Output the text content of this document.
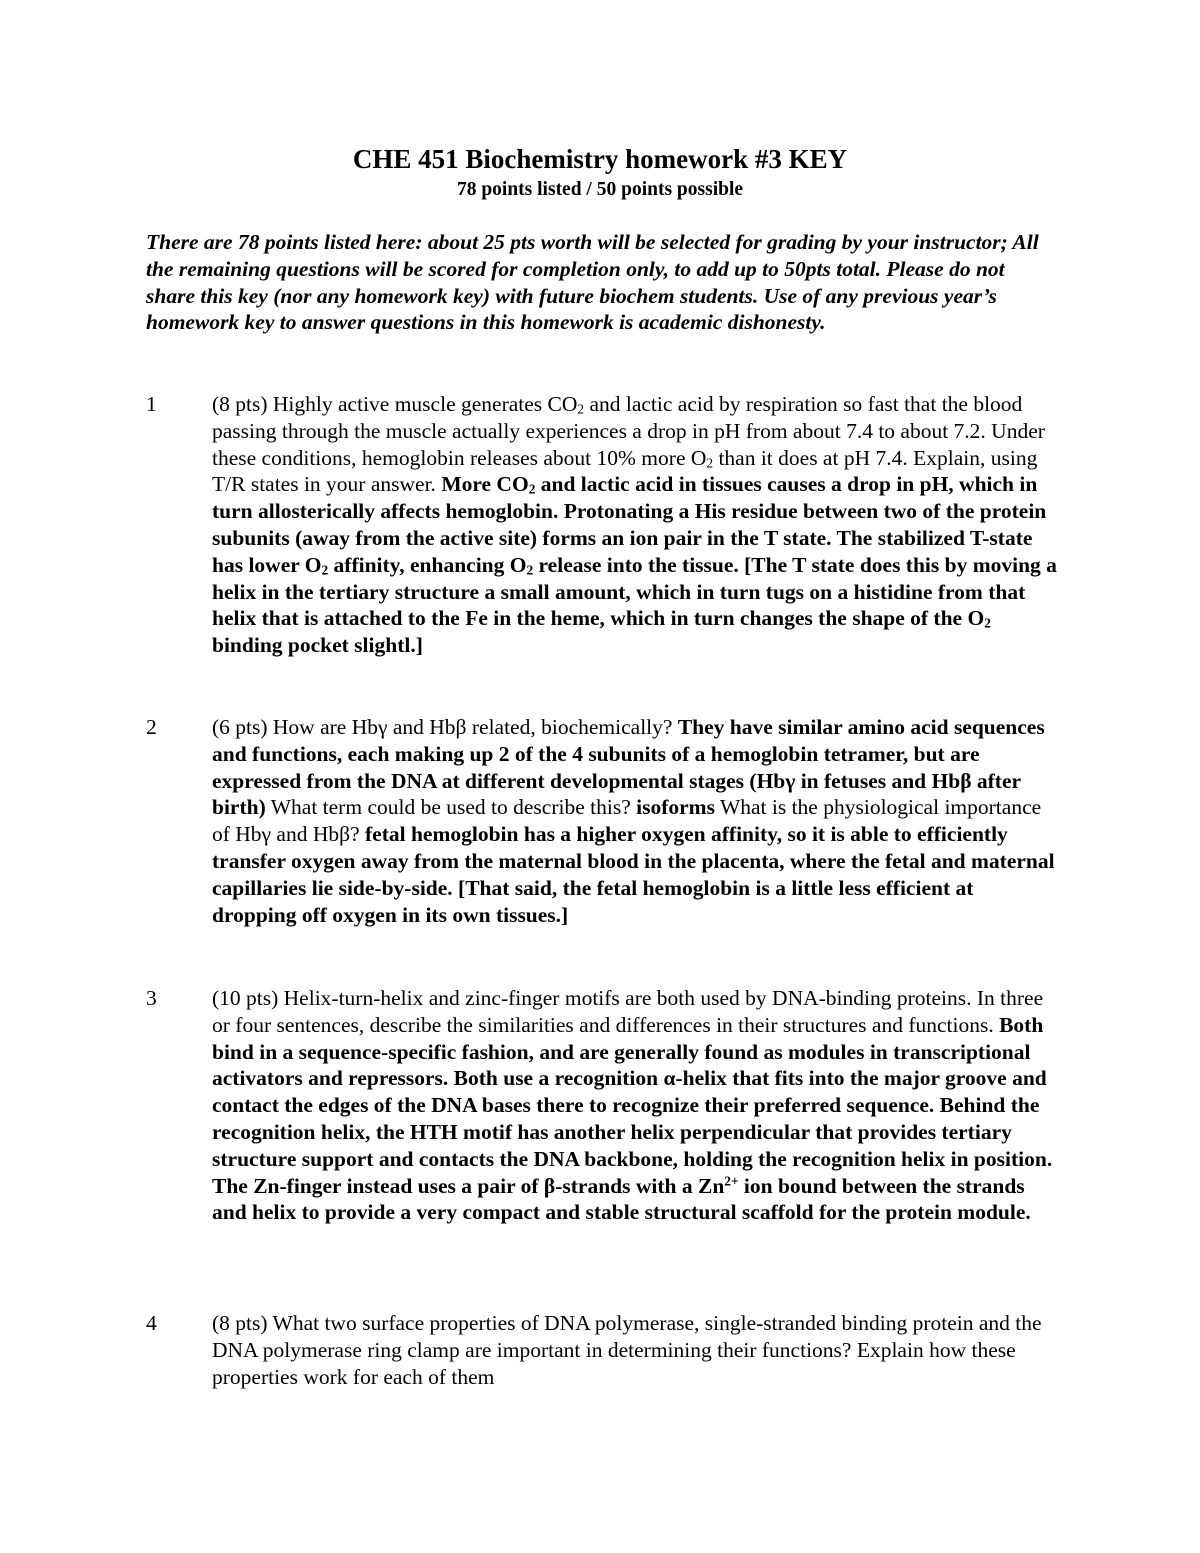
CHE 451 Biochemistry homework #3 KEY
78 points listed / 50 points possible
There are 78 points listed here: about 25 pts worth will be selected for grading by your instructor; All the remaining questions will be scored for completion only, to add up to 50pts total. Please do not share this key (nor any homework key) with future biochem students. Use of any previous year’s homework key to answer questions in this homework is academic dishonesty.
1	(8 pts) Highly active muscle generates $CO_2$ and lactic acid by respiration so fast that the blood passing through the muscle actually experiences a drop in pH from about 7.4 to about 7.2. Under these conditions, hemoglobin releases about 10% more $O_2$ than it does at pH 7.4. Explain, using T/R states in your answer. More $CO_2$ and lactic acid in tissues causes a drop in pH, which in turn allosterically affects hemoglobin. Protonating a His residue between two of the protein subunits (away from the active site) forms an ion pair in the T state. The stabilized T-state has lower $O_2$ affinity, enhancing $O_2$ release into the tissue. [The T state does this by moving a helix in the tertiary structure a small amount, which in turn tugs on a histidine from that helix that is attached to the Fe in the heme, which in turn changes the shape of the $O_2$ binding pocket slightl.]
2	(6 pts) How are Hbγ and Hbβ related, biochemically? They have similar amino acid sequences and functions, each making up 2 of the 4 subunits of a hemoglobin tetramer, but are expressed from the DNA at different developmental stages (Hbγ in fetuses and Hbβ after birth) What term could be used to describe this? isoforms What is the physiological importance of Hbγ and Hbβ? fetal hemoglobin has a higher oxygen affinity, so it is able to efficiently transfer oxygen away from the maternal blood in the placenta, where the fetal and maternal capillaries lie side-by-side. [That said, the fetal hemoglobin is a little less efficient at dropping off oxygen in its own tissues.]
3	(10 pts) Helix-turn-helix and zinc-finger motifs are both used by DNA-binding proteins. In three or four sentences, describe the similarities and differences in their structures and functions. Both bind in a sequence-specific fashion, and are generally found as modules in transcriptional activators and repressors. Both use a recognition α-helix that fits into the major groove and contact the edges of the DNA bases there to recognize their preferred sequence. Behind the recognition helix, the HTH motif has another helix perpendicular that provides tertiary structure support and contacts the DNA backbone, holding the recognition helix in position. The Zn-finger instead uses a pair of β-strands with a $Zn^{2+}$ ion bound between the strands and helix to provide a very compact and stable structural scaffold for the protein module.
4	(8 pts) What two surface properties of DNA polymerase, single-stranded binding protein and the DNA polymerase ring clamp are important in determining their functions? Explain how these properties work for each of them
